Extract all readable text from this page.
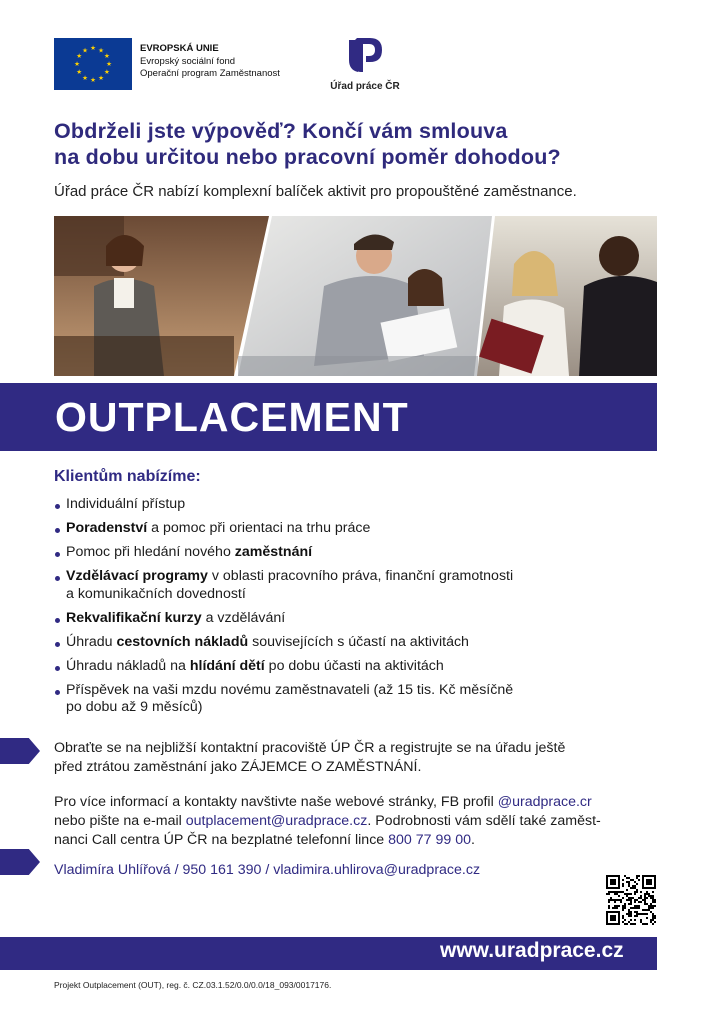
★
★
★
★
★
★
★
★
★ ★ ★
★
EVROPSKÁ UNIE
Evropský sociální fond
Operační program Zaměstnanost
Úřad práce ČR
Obdrželi jste výpověď? Končí vám smlouva
na dobu určitou nebo pracovní poměr dohodou?
Úřad práce ČR nabízí komplexní balíček aktivit pro propouštěné zaměstnance.
OUTPLACEMENT
Klientům nabízíme:
Individuální přístup
Poradenství a pomoc při orientaci na trhu práce
Pomoc při hledání nového zaměstnání
Vzdělávací programy v oblasti pracovního práva, finanční gramotnosti
a komunikačních dovedností
Rekvalifikační kurzy a vzdělávání
Úhradu cestovních nákladů souvisejících s účastí na aktivitách
Úhradu nákladů na hlídání dětí po dobu účasti na aktivitách
Příspěvek na vaši mzdu novému zaměstnavateli (až 15 tis. Kč měsíčně
po dobu až 9 měsíců)
Obraťte se na nejbližší kontaktní pracoviště ÚP ČR a registrujte se na úřadu ještě
před ztrátou zaměstnání jako ZÁJEMCE O ZAMĚSTNÁNÍ.
Pro více informací a kontakty navštivte naše webové stránky, FB profil @uradprace.cr
nebo pište na e-mail outplacement@uradprace.cz. Podrobnosti vám sdělí také zaměst-
nanci Call centra ÚP ČR na bezplatné telefonní lince 800 77 99 00.
Vladimíra Uhlířová / 950 161 390 / vladimira.uhlirova@uradprace.cz
www.uradprace.cz
Projekt Outplacement (OUT), reg. č. CZ.03.1.52/0.0/0.0/18_093/0017176.
